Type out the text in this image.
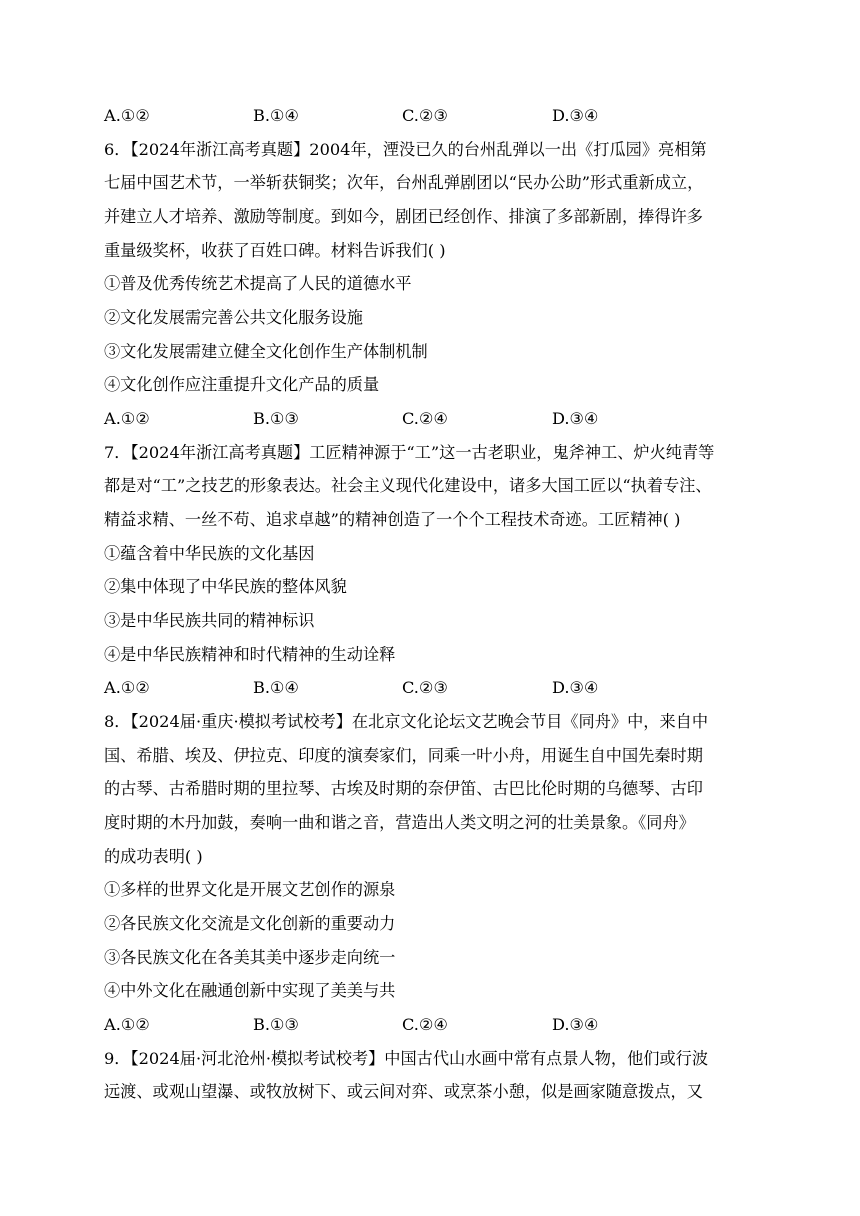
A.①②	B.①④	C.②③	D.③④
6．【2024年浙江高考真题】2004年，湮没已久的台州乱弹以一出《打瓜园》亮相第
七届中国艺术节，一举斩获铜奖；次年，台州乱弹剧团以“民办公助”形式重新成立，
并建立人才培养、激励等制度。到如今，剧团已经创作、排演了多部新剧，捧得许多
重量级奖杯，收获了百姓口碑。材料告诉我们( )
①普及优秀传统艺术提高了人民的道德水平
②文化发展需完善公共文化服务设施
③文化发展需建立健全文化创作生产体制机制
④文化创作应注重提升文化产品的质量
A.①②	B.①③	C.②④	D.③④
7．【2024年浙江高考真题】工匠精神源于“工”这一古老职业，鬼斧神工、炉火纯青等
都是对“工”之技艺的形象表达。社会主义现代化建设中，诸多大国工匠以“执着专注、
精益求精、一丝不苟、追求卓越”的精神创造了一个个工程技术奇迹。工匠精神( )
①蕴含着中华民族的文化基因
②集中体现了中华民族的整体风貌
③是中华民族共同的精神标识
④是中华民族精神和时代精神的生动诠释
A.①②	B.①④	C.②③	D.③④
8．【2024届·重庆·模拟考试校考】在北京文化论坛文艺晚会节目《同舟》中，来自中
国、希腊、埃及、伊拉克、印度的演奏家们，同乘一叶小舟，用诞生自中国先秦时期
的古琴、古希腊时期的里拉琴、古埃及时期的奈伊笛、古巴比伦时期的乌德琴、古印
度时期的木丹加鼓，奏响一曲和谐之音，营造出人类文明之河的壮美景象。《同舟》
的成功表明( )
①多样的世界文化是开展文艺创作的源泉
②各民族文化交流是文化创新的重要动力
③各民族文化在各美其美中逐步走向统一
④中外文化在融通创新中实现了美美与共
A.①②	B.①③	C.②④	D.③④
9．【2024届·河北沧州·模拟考试校考】中国古代山水画中常有点景人物，他们或行波
远渡、或观山望瀑、或牧放树下、或云间对弈、或烹茶小憩，似是画家随意拨点，又
